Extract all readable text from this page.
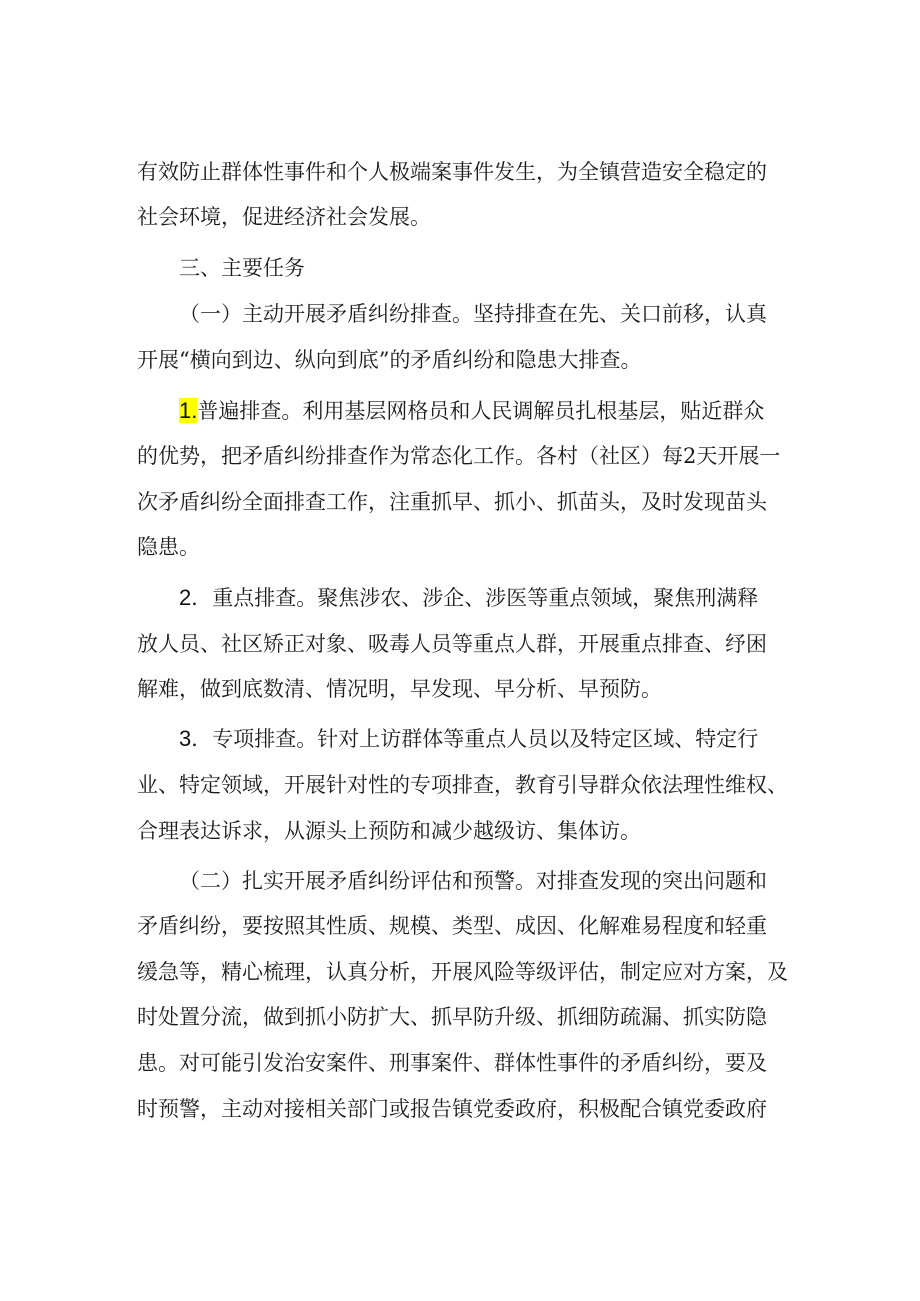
有效防止群体性事件和个人极端案事件发生，为全镇营造安全稳定的
社会环境，促进经济社会发展。
三、主要任务
（一）主动开展矛盾纠纷排查。坚持排查在先、关口前移，认真
开展“横向到边、纵向到底”的矛盾纠纷和隐患大排查。
1.普遍排查。利用基层网格员和人民调解员扎根基层，贴近群众
的优势，把矛盾纠纷排查作为常态化工作。各村（社区）每2天开展一
次矛盾纠纷全面排查工作，注重抓早、抓小、抓苗头，及时发现苗头
隐患。
2．重点排查。聚焦涉农、涉企、涉医等重点领域，聚焦刑满释
放人员、社区矫正对象、吸毒人员等重点人群，开展重点排查、纾困
解难，做到底数清、情况明，早发现、早分析、早预防。
3．专项排查。针对上访群体等重点人员以及特定区域、特定行
业、特定领域，开展针对性的专项排查，教育引导群众依法理性维权、
合理表达诉求，从源头上预防和减少越级访、集体访。
（二）扎实开展矛盾纠纷评估和预警。对排查发现的突出问题和
矛盾纠纷，要按照其性质、规模、类型、成因、化解难易程度和轻重
缓急等，精心梳理，认真分析，开展风险等级评估，制定应对方案，及
时处置分流，做到抓小防扩大、抓早防升级、抓细防疏漏、抓实防隐
患。对可能引发治安案件、刑事案件、群体性事件的矛盾纠纷，要及
时预警，主动对接相关部门或报告镇党委政府，积极配合镇党委政府
